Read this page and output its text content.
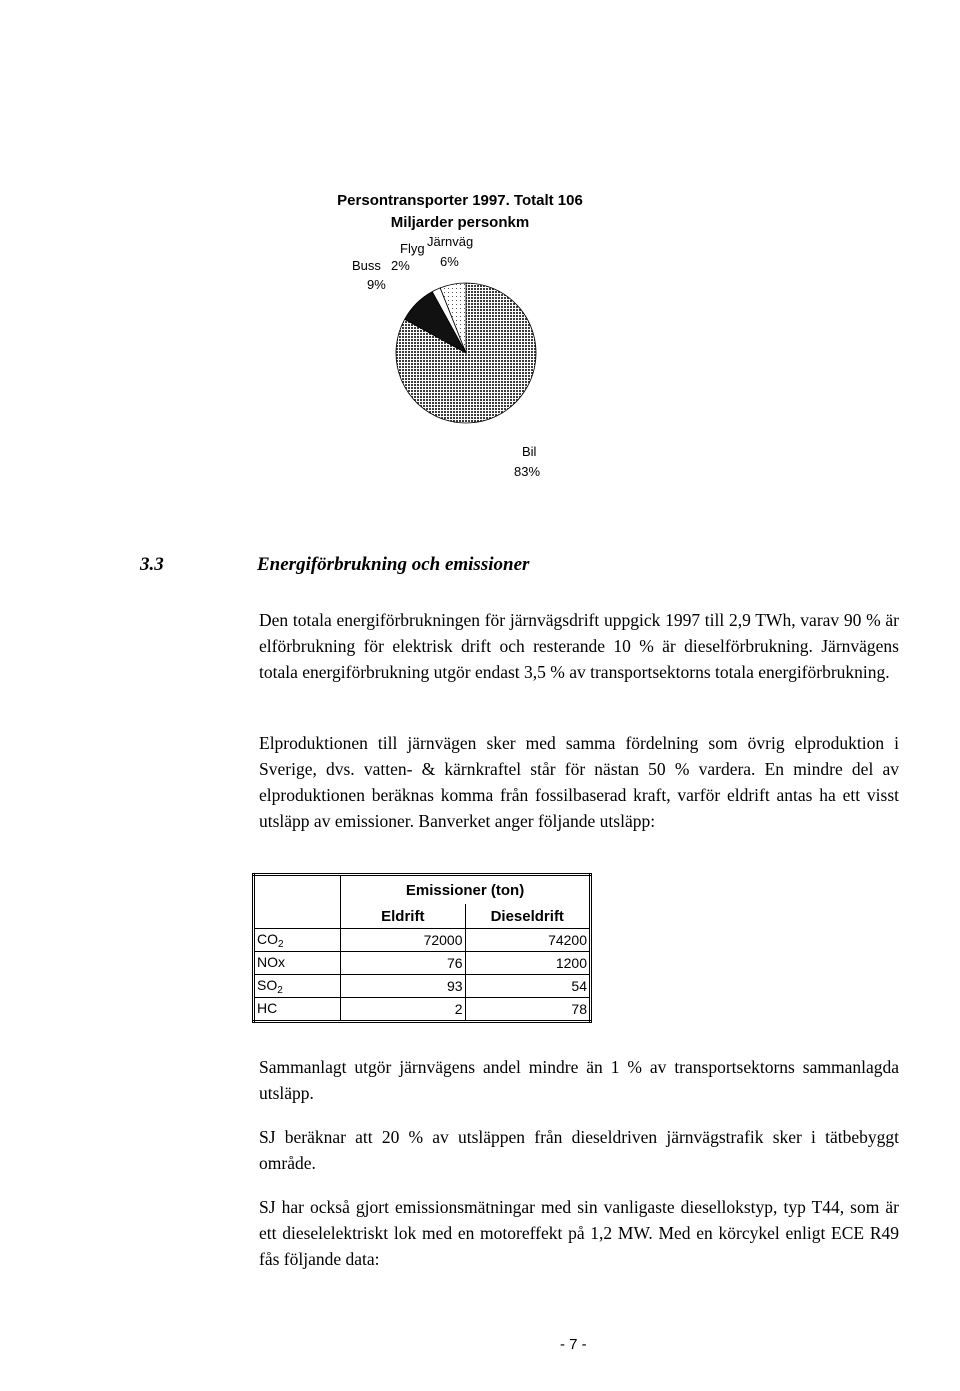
Persontransporter 1997. Totalt 106
Miljarder personkm
Bil
83%
Buss
9%
Flyg
2%
Järnväg
6%
3.3	Energiförbrukning och emissioner
Den totala energiförbrukningen för järnvägsdrift uppgick 1997 till 2,9 TWh, varav 90 % är elförbrukning för elektrisk drift och resterande 10 % är dieselförbrukning. Järnvägens totala energiförbrukning utgör endast 3,5 % av transportsektorns totala energiförbrukning.
Elproduktionen till järnvägen sker med samma fördelning som övrig elproduktion i Sverige, dvs. vatten- & kärnkraftel står för nästan 50 % vardera. En mindre del av elproduktionen beräknas komma från fossilbaserad kraft, varför eldrift antas ha ett visst utsläpp av emissioner. Banverket anger följande utsläpp:
	Emissioner (ton)	
	Eldrift	Dieseldrift
$CO_2$	72000	74200
NOx	76	1200
$SO_2$	93	54
HC	2	78
Sammanlagt utgör järnvägens andel mindre än 1 % av transportsektorns sammanlagda utsläpp.
SJ beräknar att 20 % av utsläppen från dieseldriven järnvägstrafik sker i tätbebyggt område.
SJ har också gjort emissionsmätningar med sin vanligaste diesellokstyp, typ T44, som är ett dieselelektriskt lok med en motoreffekt på 1,2 MW. Med en körcykel enligt ECE R49 fås följande data:
- 7 -
